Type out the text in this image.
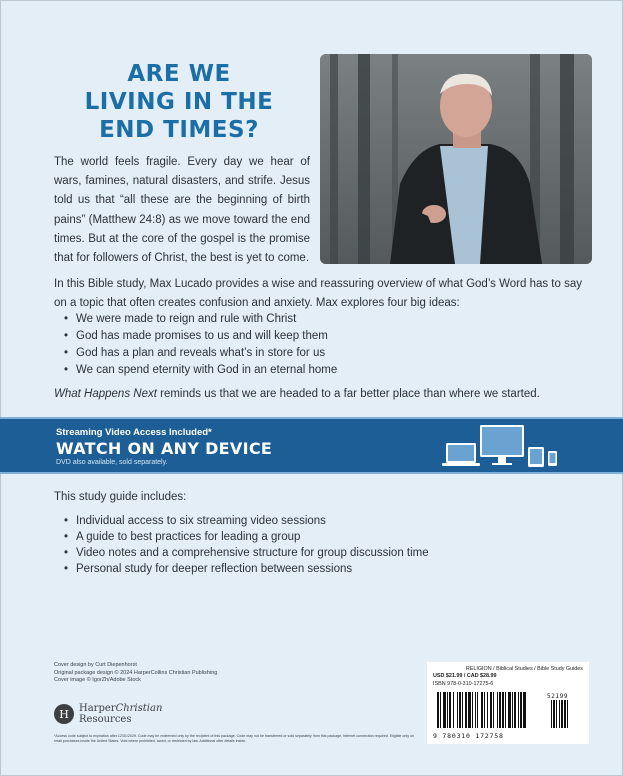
ARE WE
LIVING IN THE
END TIMES?

The world feels fragile. Every day we hear of wars, famines, natural disasters, and strife. Jesus told us that “all these are the beginning of birth pains” (Matthew 24:8) as we move toward the end times. But at the core of the gospel is the promise that for followers of Christ, the best is yet to come.

In this Bible study, Max Lucado provides a wise and reassuring overview of what God’s Word has to say on a topic that often creates confusion and anxiety. Max explores four big ideas:

• We were made to reign and rule with Christ
• God has made promises to us and will keep them
• God has a plan and reveals what’s in store for us
• We can spend eternity with God in an eternal home

What Happens Next reminds us that we are headed to a far better place than where we started.

Streaming Video Access Included*
WATCH ON ANY DEVICE
DVD also available, sold separately.
This study guide includes:
• Individual access to six streaming video sessions
• A guide to best practices for leading a group
• Video notes and a comprehensive structure for group discussion time
• Personal study for deeper reflection between sessions
Cover design by Curt Diepenhorst
Original package design © 2024 HarperCollins Christian Publishing
Cover image © IgorZh/Adobe Stock
H	HarperChristian
Resources
*Access code subject to expiration after 12/31/2029. Code may be redeemed only by the recipient of this package. Code may not be transferred or sold separately from this package. Internet connection required. Eligible only on retail purchases inside the United States. Void where prohibited, taxed, or restricted by law. Additional offer details inside.
RELIGION / Biblical Studies / Bible Study Guides
USD $21.99 / CAD $28.99
ISBN 978-0-310-17275-6
52199
9 780310 172758
